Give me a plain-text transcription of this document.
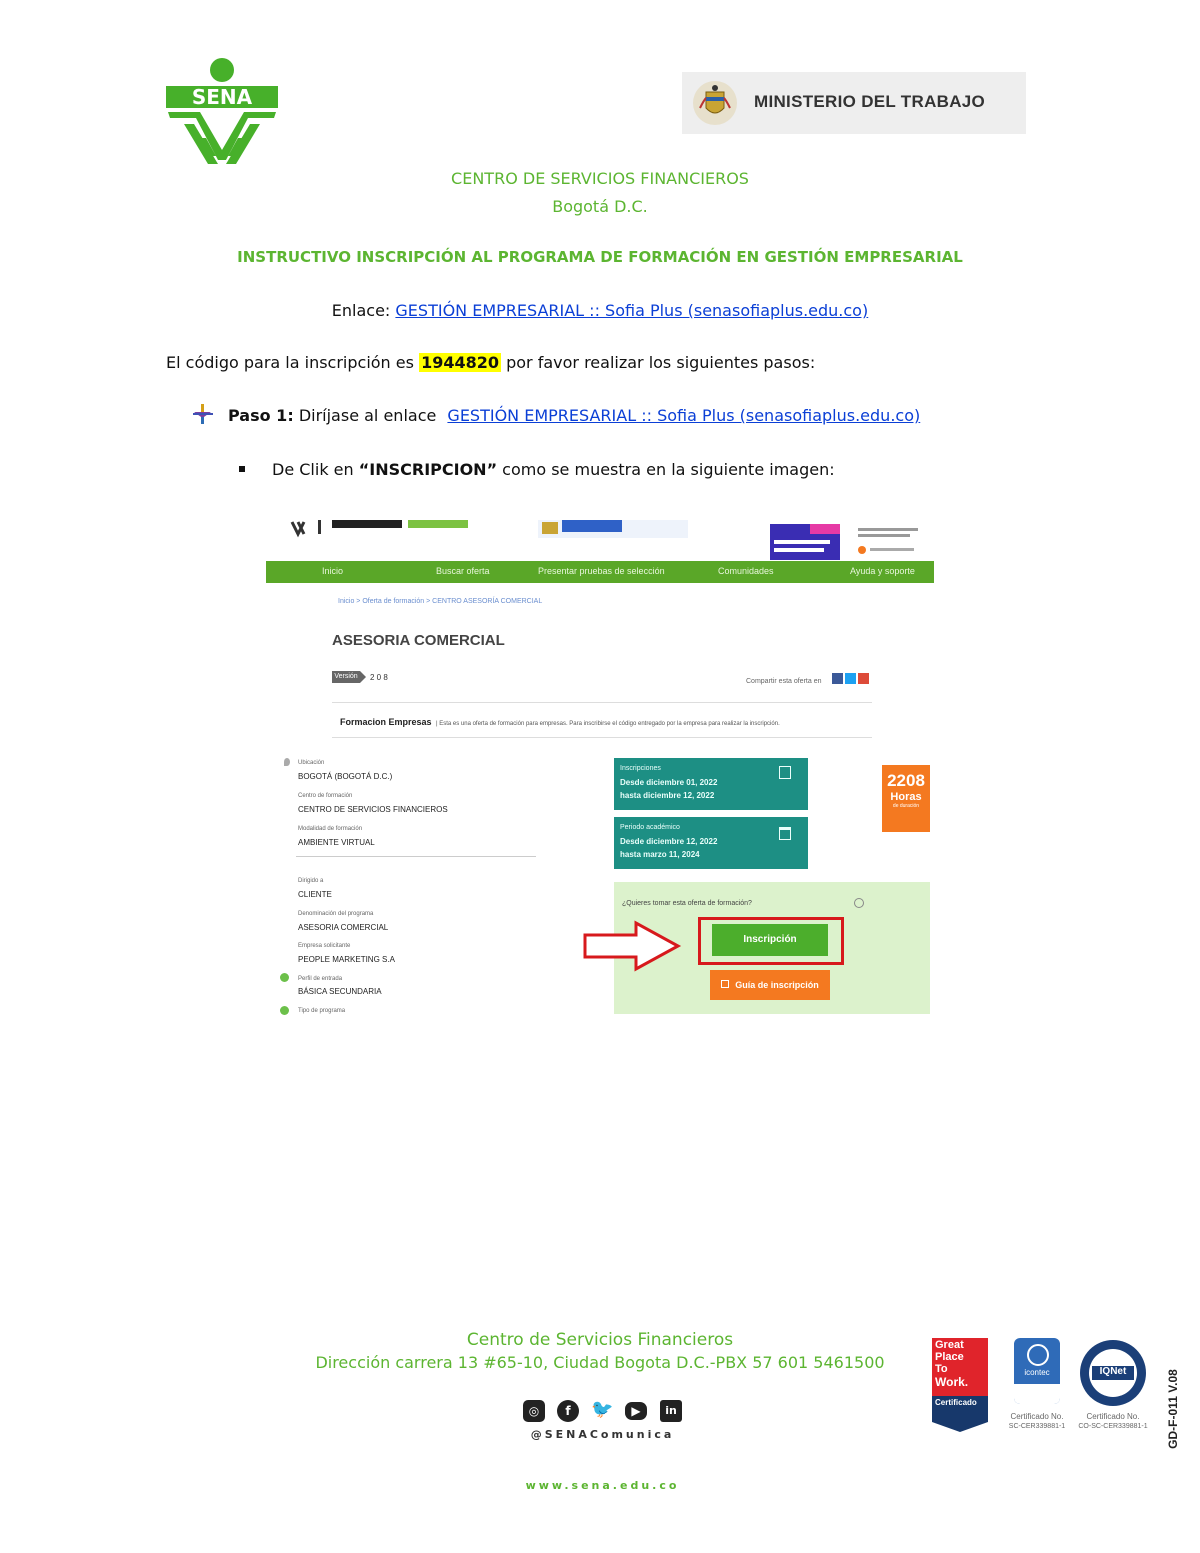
SENA	MINISTERIO DEL TRABAJO
CENTRO DE SERVICIOS FINANCIEROS
Bogotá D.C.
INSTRUCTIVO INSCRIPCIÓN AL PROGRAMA DE FORMACIÓN EN GESTIÓN EMPRESARIAL
Enlace: GESTIÓN EMPRESARIAL :: Sofia Plus (senasofiaplus.edu.co)
El código para la inscripción es 1944820 por favor realizar los siguientes pasos:
Paso 1: Diríjase al enlace GESTIÓN EMPRESARIAL :: Sofia Plus (senasofiaplus.edu.co)
De Clik en “INSCRIPCION” como se muestra en la siguiente imagen:
Inicio	Buscar oferta	Presentar pruebas de selección	Comunidades	Ayuda y soporte
Inicio > Oferta de formación > CENTRO ASESORÍA COMERCIAL
ASESORIA COMERCIAL
Versión 2 0 8	Compartir esta oferta en
Formacion Empresas | Esta es una oferta de formación para empresas. Para inscribirse el código entregado por la empresa para realizar la inscripción.
Ubicación
BOGOTÁ (BOGOTÁ D.C.)
Centro de formación
CENTRO DE SERVICIOS FINANCIEROS
Modalidad de formación
AMBIENTE VIRTUAL
Dirigido a
CLIENTE
Denominación del programa
ASESORIA COMERCIAL
Empresa solicitante
PEOPLE MARKETING S.A
Perfil de entrada
BÁSICA SECUNDARIA
Tipo de programa
Inscripciones
Desde diciembre 01, 2022
hasta diciembre 12, 2022
Periodo académico
Desde diciembre 12, 2022
hasta marzo 11, 2024
2208
Horas
de duración
¿Quieres tomar esta oferta de formación?
Inscripción
Guía de inscripción
Centro de Servicios Financieros
Dirección carrera 13 #65-10, Ciudad Bogota D.C.-PBX 57 601 5461500
◎	f	🐦	▶	in
@SENAComunica
www.sena.edu.co
Great
Place
To
Work.
Certificado
icontec
Certificado No.
SC-CER339881-1
IQNet
Certificado No.
CO-SC-CER339881-1	GD-F-011 V.08
